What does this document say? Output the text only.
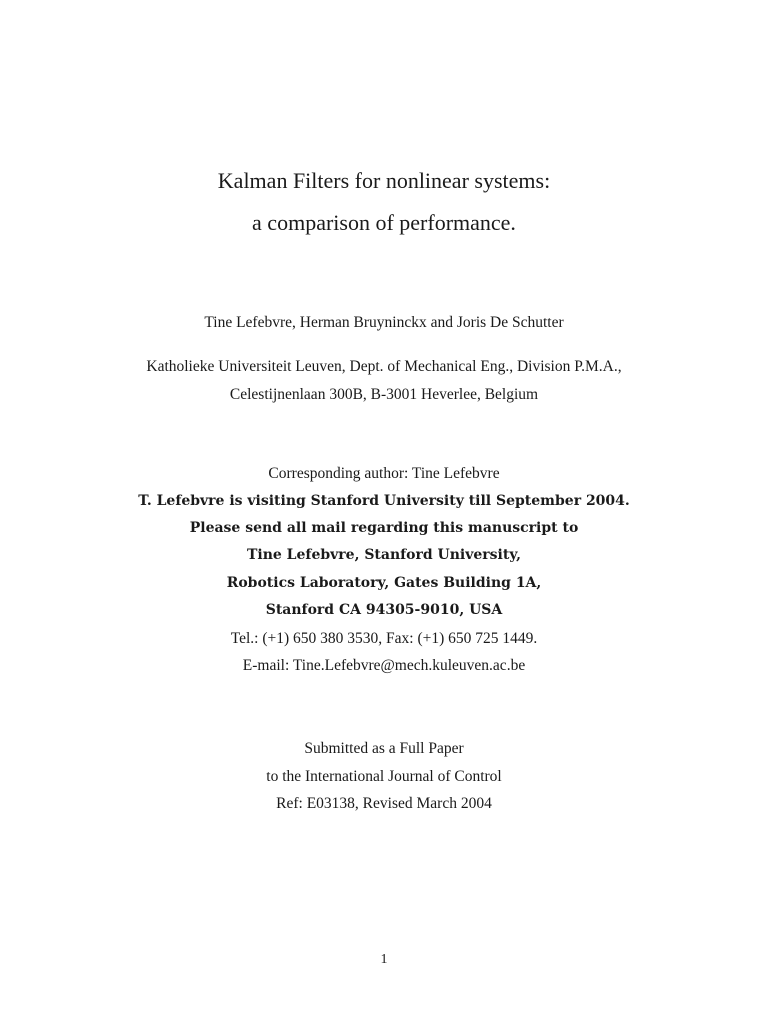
Kalman Filters for nonlinear systems:
a comparison of performance.
Tine Lefebvre, Herman Bruyninckx and Joris De Schutter
Katholieke Universiteit Leuven, Dept. of Mechanical Eng., Division P.M.A.,
Celestijnenlaan 300B, B-3001 Heverlee, Belgium
Corresponding author: Tine Lefebvre
T. Lefebvre is visiting Stanford University till September 2004.
Please send all mail regarding this manuscript to
Tine Lefebvre, Stanford University,
Robotics Laboratory, Gates Building 1A,
Stanford CA 94305-9010, USA
Tel.: (+1) 650 380 3530, Fax: (+1) 650 725 1449.
E-mail: Tine.Lefebvre@mech.kuleuven.ac.be
Submitted as a Full Paper
to the International Journal of Control
Ref: E03138, Revised March 2004
1
